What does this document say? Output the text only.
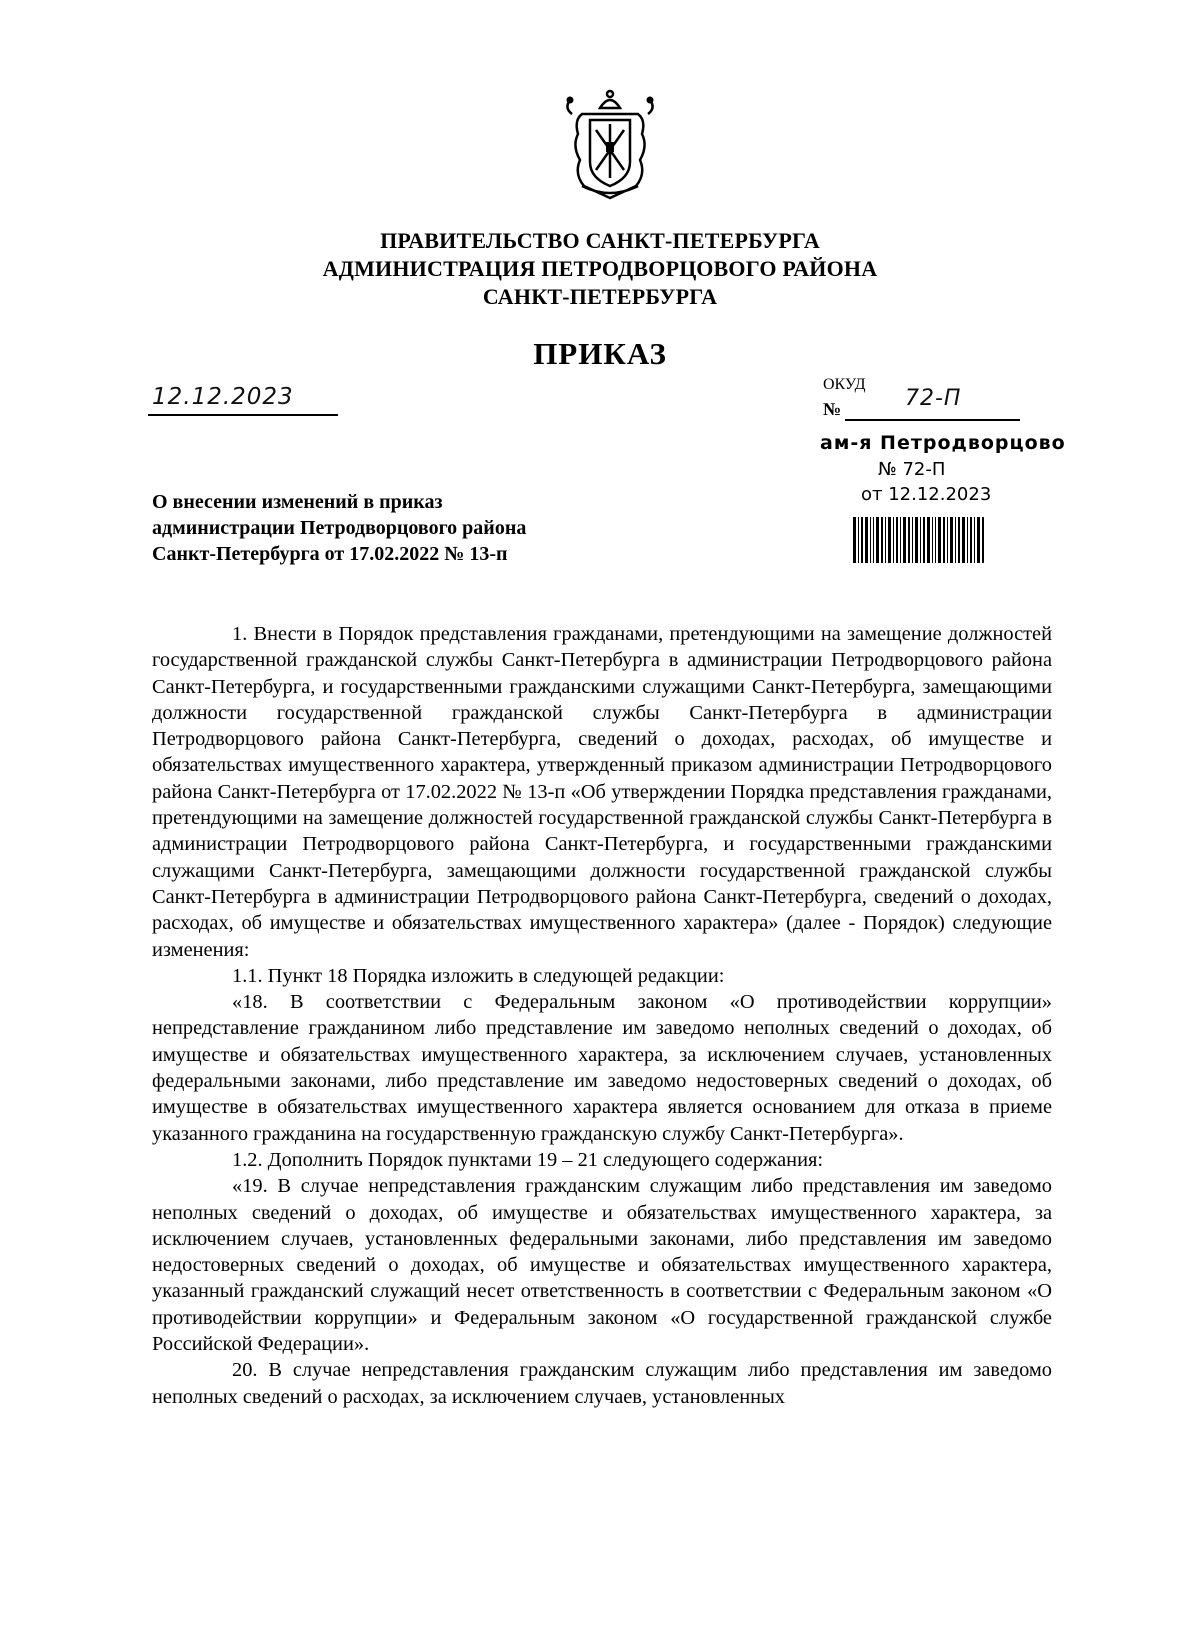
ПРАВИТЕЛЬСТВО САНКТ-ПЕТЕРБУРГА
АДМИНИСТРАЦИЯ ПЕТРОДВОРЦОВОГО РАЙОНА
САНКТ-ПЕТЕРБУРГА
ПРИКАЗ
12.12.2023	ОКУД
№	72-П
ам-я Петродворцово
№ 72-П
от 12.12.2023
О внесении изменений в приказ
администрации Петродворцового района
Санкт-Петербурга от 17.02.2022 № 13-п

1. Внести в Порядок представления гражданами, претендующими на замещение должностей государственной гражданской службы Санкт-Петербурга в администрации Петродворцового района Санкт-Петербурга, и государственными гражданскими служащими Санкт-Петербурга, замещающими должности государственной гражданской службы Санкт-Петербурга в администрации Петродворцового района Санкт-Петербурга, сведений о доходах, расходах, об имуществе и обязательствах имущественного характера, утвержденный приказом администрации Петродворцового района Санкт-Петербурга от 17.02.2022 № 13-п «Об утверждении Порядка представления гражданами, претендующими на замещение должностей государственной гражданской службы Санкт-Петербурга в администрации Петродворцового района Санкт-Петербурга, и государственными гражданскими служащими Санкт-Петербурга, замещающими должности государственной гражданской службы Санкт-Петербурга в администрации Петродворцового района Санкт-Петербурга, сведений о доходах, расходах, об имуществе и обязательствах имущественного характера» (далее - Порядок) следующие изменения:

1.1. Пункт 18 Порядка изложить в следующей редакции:

«18. В соответствии с Федеральным законом «О противодействии коррупции» непредставление гражданином либо представление им заведомо неполных сведений о доходах, об имуществе и обязательствах имущественного характера, за исключением случаев, установленных федеральными законами, либо представление им заведомо недостоверных сведений о доходах, об имуществе в обязательствах имущественного характера является основанием для отказа в приеме указанного гражданина на государственную гражданскую службу Санкт-Петербурга».

1.2. Дополнить Порядок пунктами 19 – 21 следующего содержания:

«19. В случае непредставления гражданским служащим либо представления им заведомо неполных сведений о доходах, об имуществе и обязательствах имущественного характера, за исключением случаев, установленных федеральными законами, либо представления им заведомо недостоверных сведений о доходах, об имуществе и обязательствах имущественного характера, указанный гражданский служащий несет ответственность в соответствии с Федеральным законом «О противодействии коррупции» и Федеральным законом «О государственной гражданской службе Российской Федерации».

20. В случае непредставления гражданским служащим либо представления им заведомо неполных сведений о расходах, за исключением случаев, установленных
